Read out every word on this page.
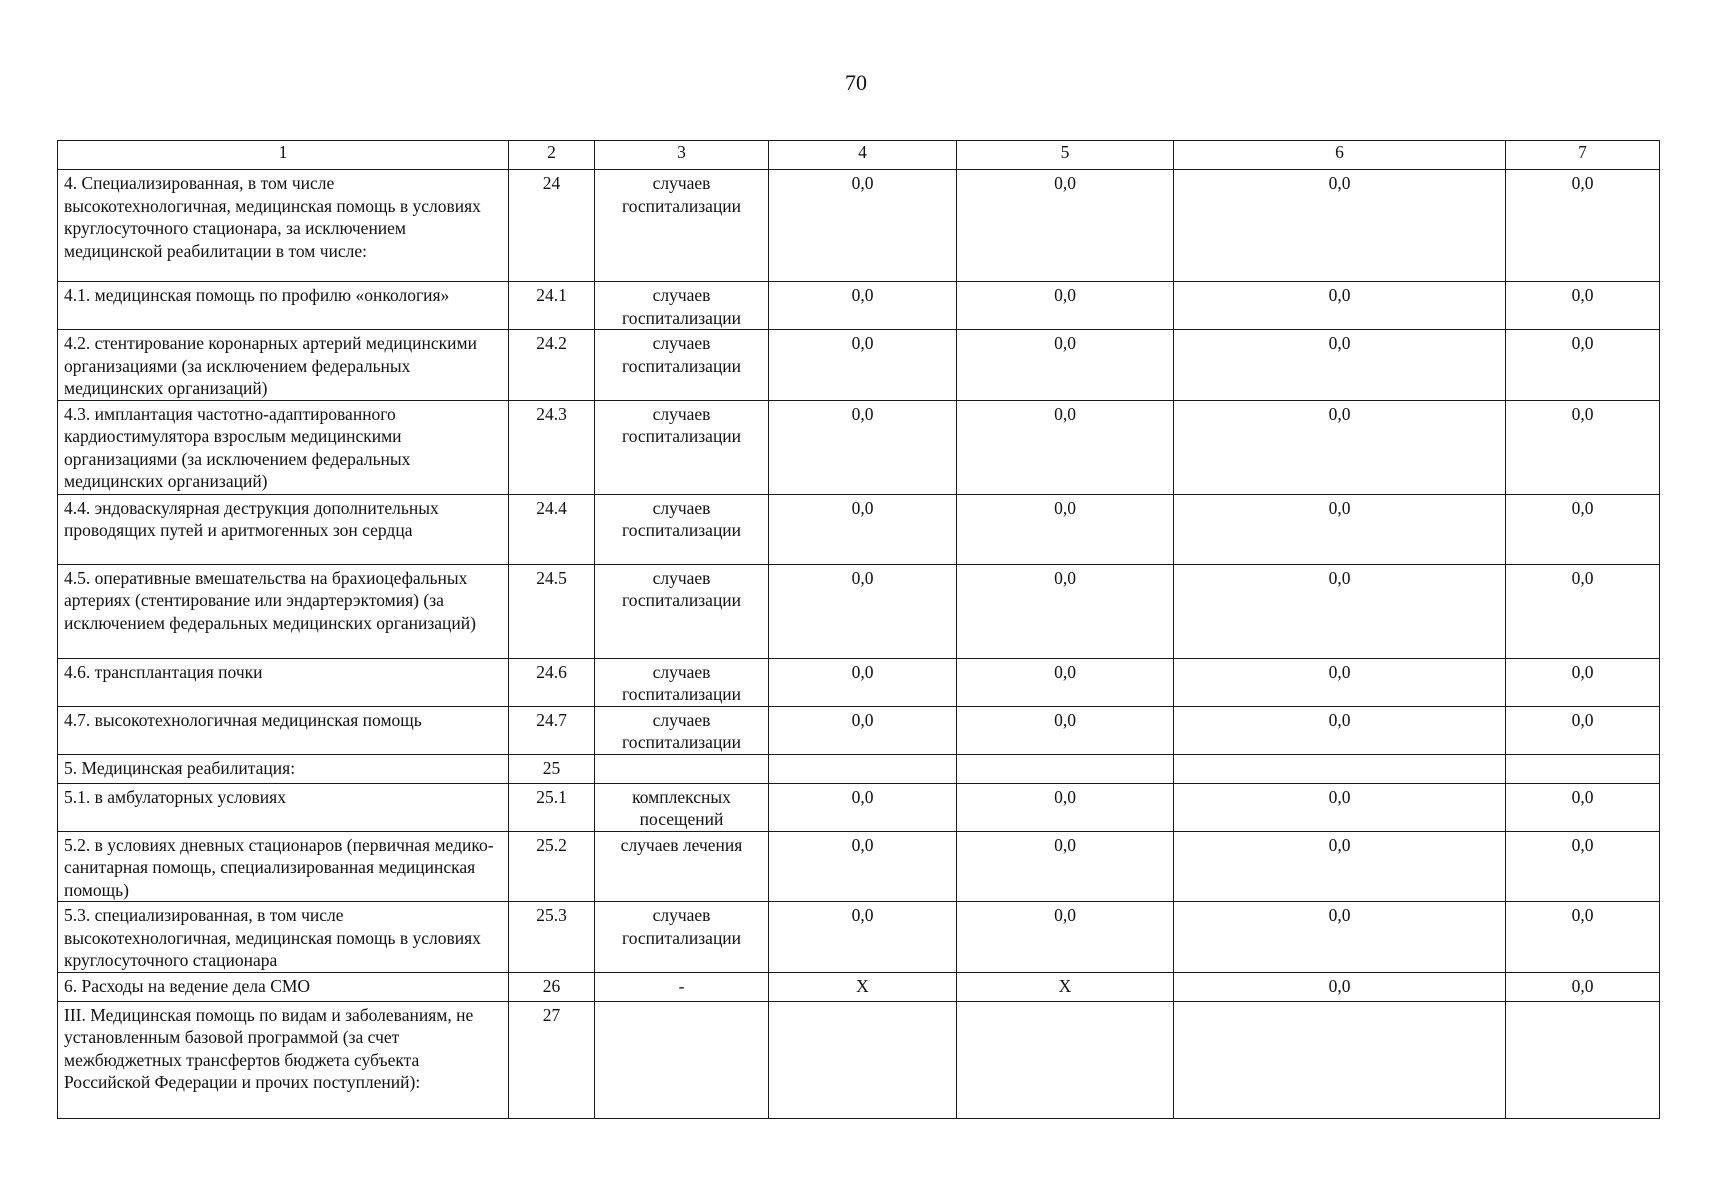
70
1	2	3	4	5	6	7
4. Специализированная, в том числе высокотехнологичная, медицинская помощь в условиях круглосуточного стационара, за исключением медицинской реабилитации в том числе:	24	случаев госпитализации	0,0	0,0	0,0	0,0
4.1. медицинская помощь по профилю «онкология»	24.1	случаев госпитализации	0,0	0,0	0,0	0,0
4.2. стентирование коронарных артерий медицинскими организациями (за исключением федеральных медицинских организаций)	24.2	случаев госпитализации	0,0	0,0	0,0	0,0
4.3. имплантация частотно-адаптированного кардиостимулятора взрослым медицинскими организациями (за исключением федеральных медицинских организаций)	24.3	случаев госпитализации	0,0	0,0	0,0	0,0
4.4. эндоваскулярная деструкция дополнительных проводящих путей и аритмогенных зон сердца	24.4	случаев госпитализации	0,0	0,0	0,0	0,0
4.5. оперативные вмешательства на брахиоцефальных артериях (стентирование или эндартерэктомия) (за исключением федеральных медицинских организаций)	24.5	случаев госпитализации	0,0	0,0	0,0	0,0
4.6. трансплантация почки	24.6	случаев госпитализации	0,0	0,0	0,0	0,0
4.7. высокотехнологичная медицинская помощь	24.7	случаев госпитализации	0,0	0,0	0,0	0,0
5. Медицинская реабилитация:	25					
5.1. в амбулаторных условиях	25.1	комплексных посещений	0,0	0,0	0,0	0,0
5.2. в условиях дневных стационаров (первичная медико-санитарная помощь, специализированная медицинская помощь)	25.2	случаев лечения	0,0	0,0	0,0	0,0
5.3. специализированная, в том числе высокотехнологичная, медицинская помощь в условиях круглосуточного стационара	25.3	случаев госпитализации	0,0	0,0	0,0	0,0
6. Расходы на ведение дела СМО	26	-	Х	Х	0,0	0,0
III. Медицинская помощь по видам и заболеваниям, не установленным базовой программой (за счет межбюджетных трансфертов бюджета субъекта Российской Федерации и прочих поступлений):	27					
